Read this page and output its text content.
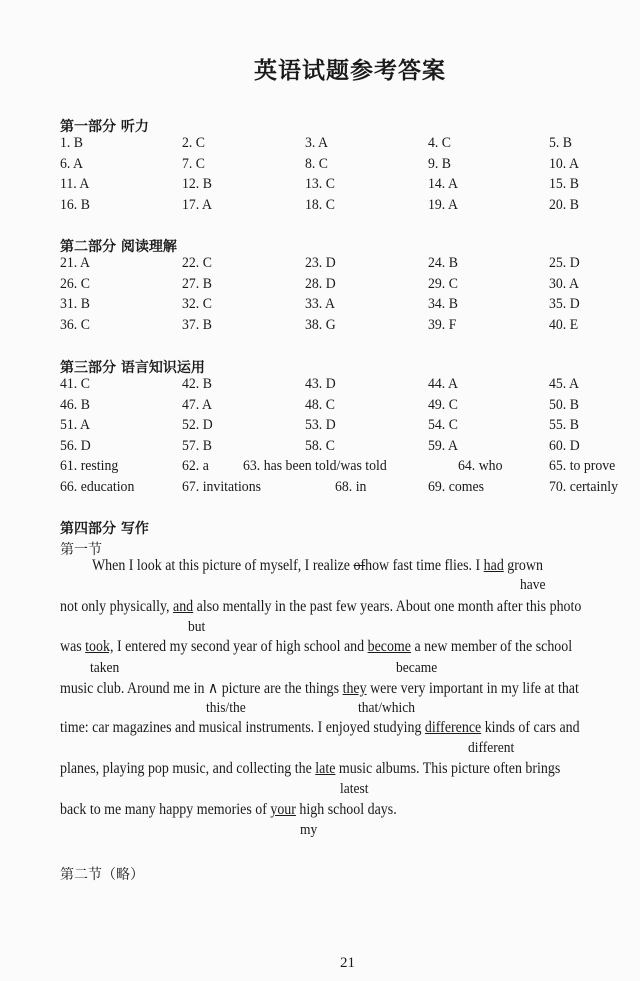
英语试题参考答案
第一部分 听力
1. B	2. C	3. A	4. C	5. B
6. A	7. C	8. C	9. B	10. A
11. A	12. B	13. C	14. A	15. B
16. B	17. A	18. C	19. A	20. B
第二部分 阅读理解
21. A	22. C	23. D	24. B	25. D
26. C	27. B	28. D	29. C	30. A
31. B	32. C	33. A	34. B	35. D
36. C	37. B	38. G	39. F	40. E
第三部分 语言知识运用
41. C	42. B	43. D	44. A	45. A
46. B	47. A	48. C	49. C	50. B
51. A	52. D	53. D	54. C	55. B
56. D	57. B	58. C	59. A	60. D
61. resting	62. a 63. has been told/was told	64. who	65. to prove
66. education	67. invitations	68. in	69. comes	70. certainly
第四部分 写作
第一节
第二节（略）
When I look at this picture of myself, I realize ofhow fast time flies. I had grown
not only physically, and also mentally in the past few years. About one month after this photo
was took, I entered my second year of high school and become a new member of the school
music club. Around me in ∧ picture are the things they were very important in my life at that
time: car magazines and musical instruments. I enjoyed studying difference kinds of cars and
planes, playing pop music, and collecting the late music albums. This picture often brings
back to me many happy memories of your high school days.
have
but
taken	became
this/the	that/which
different
latest
my
21
